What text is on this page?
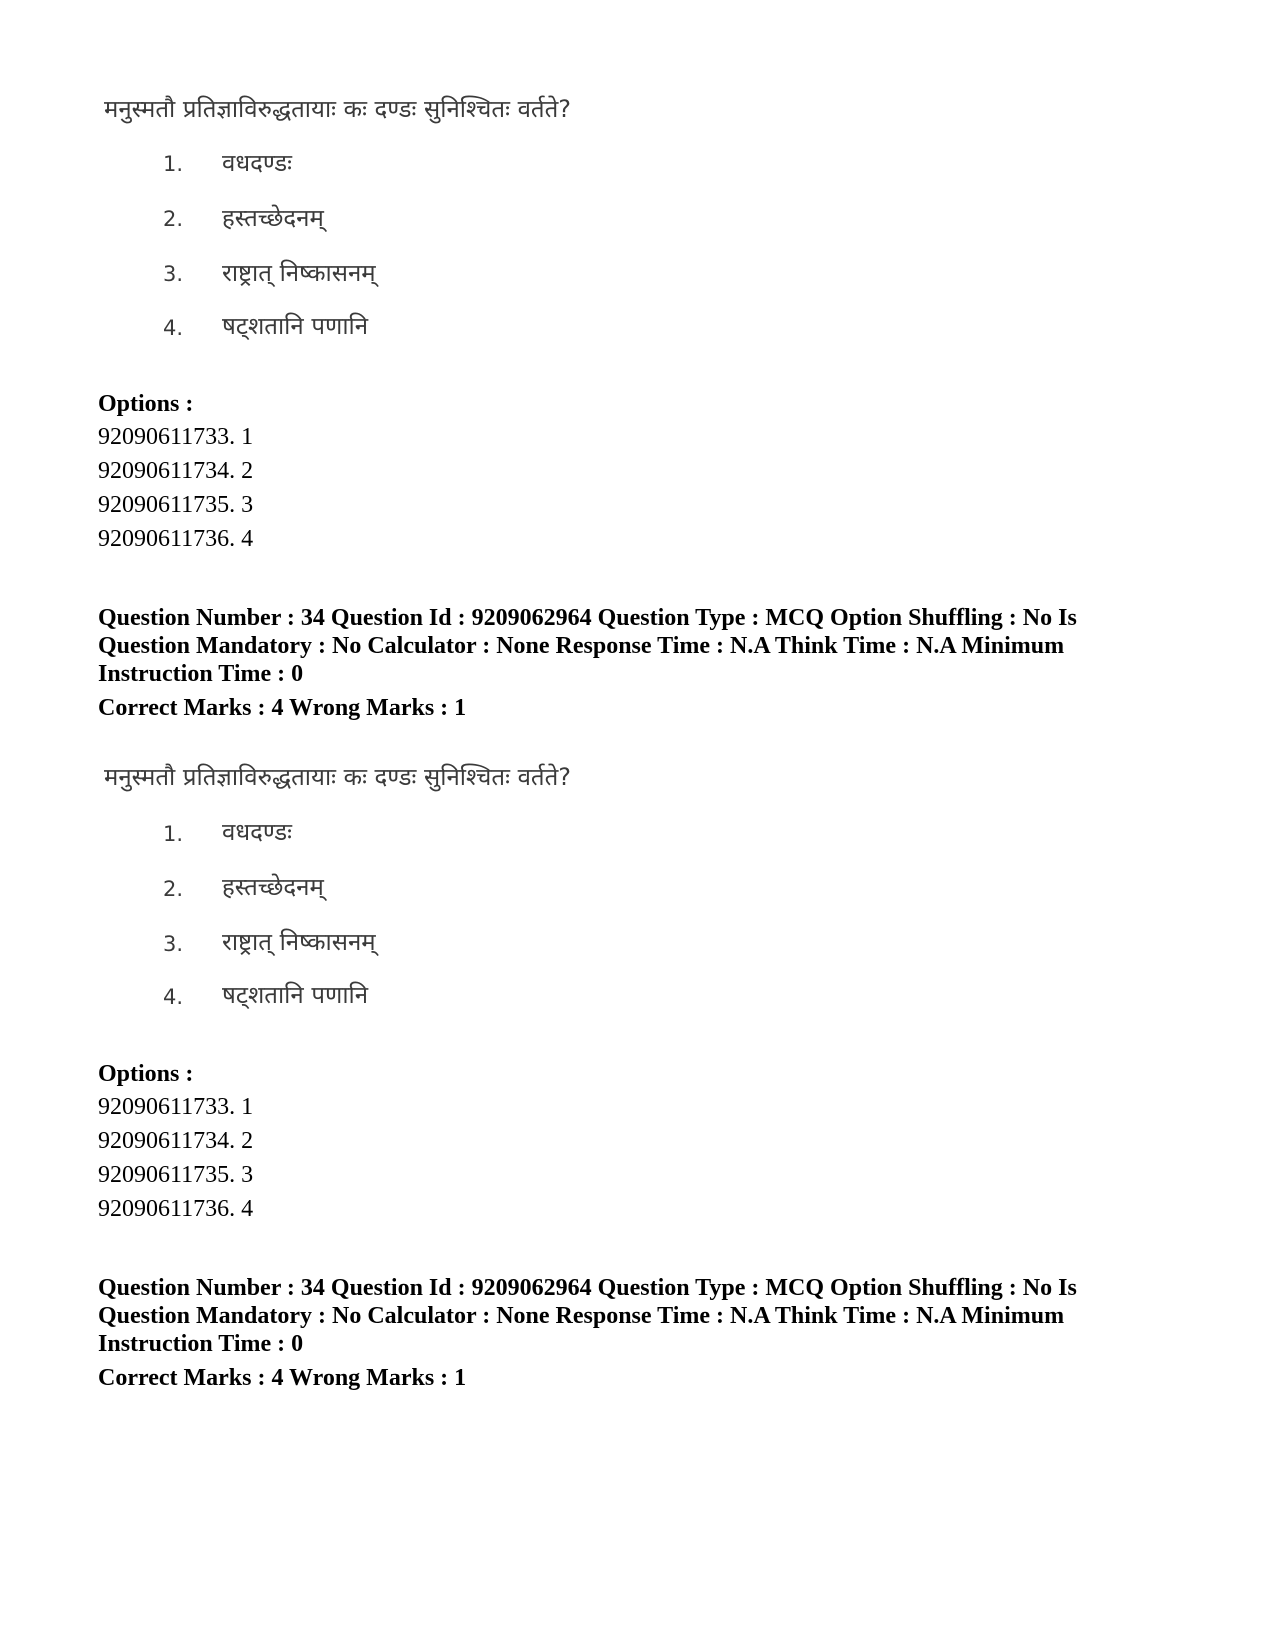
मनुस्मतौ प्रतिज्ञाविरुद्धतायाः कः दण्डः सुनिश्चितः वर्तते?
1. वधदण्डः
2. हस्तच्छेदनम्
3. राष्ट्रात् निष्कासनम्
4. षट्शतानि पणानि
Options :
92090611733. 1
92090611734. 2
92090611735. 3
92090611736. 4
Question Number : 34 Question Id : 9209062964 Question Type : MCQ Option Shuffling : No Is
Question Mandatory : No Calculator : None Response Time : N.A Think Time : N.A Minimum
Instruction Time : 0
Correct Marks : 4 Wrong Marks : 1
मनुस्मतौ प्रतिज्ञाविरुद्धतायाः कः दण्डः सुनिश्चितः वर्तते?
1. वधदण्डः
2. हस्तच्छेदनम्
3. राष्ट्रात् निष्कासनम्
4. षट्शतानि पणानि
Options :
92090611733. 1
92090611734. 2
92090611735. 3
92090611736. 4
Question Number : 34 Question Id : 9209062964 Question Type : MCQ Option Shuffling : No Is
Question Mandatory : No Calculator : None Response Time : N.A Think Time : N.A Minimum
Instruction Time : 0
Correct Marks : 4 Wrong Marks : 1
